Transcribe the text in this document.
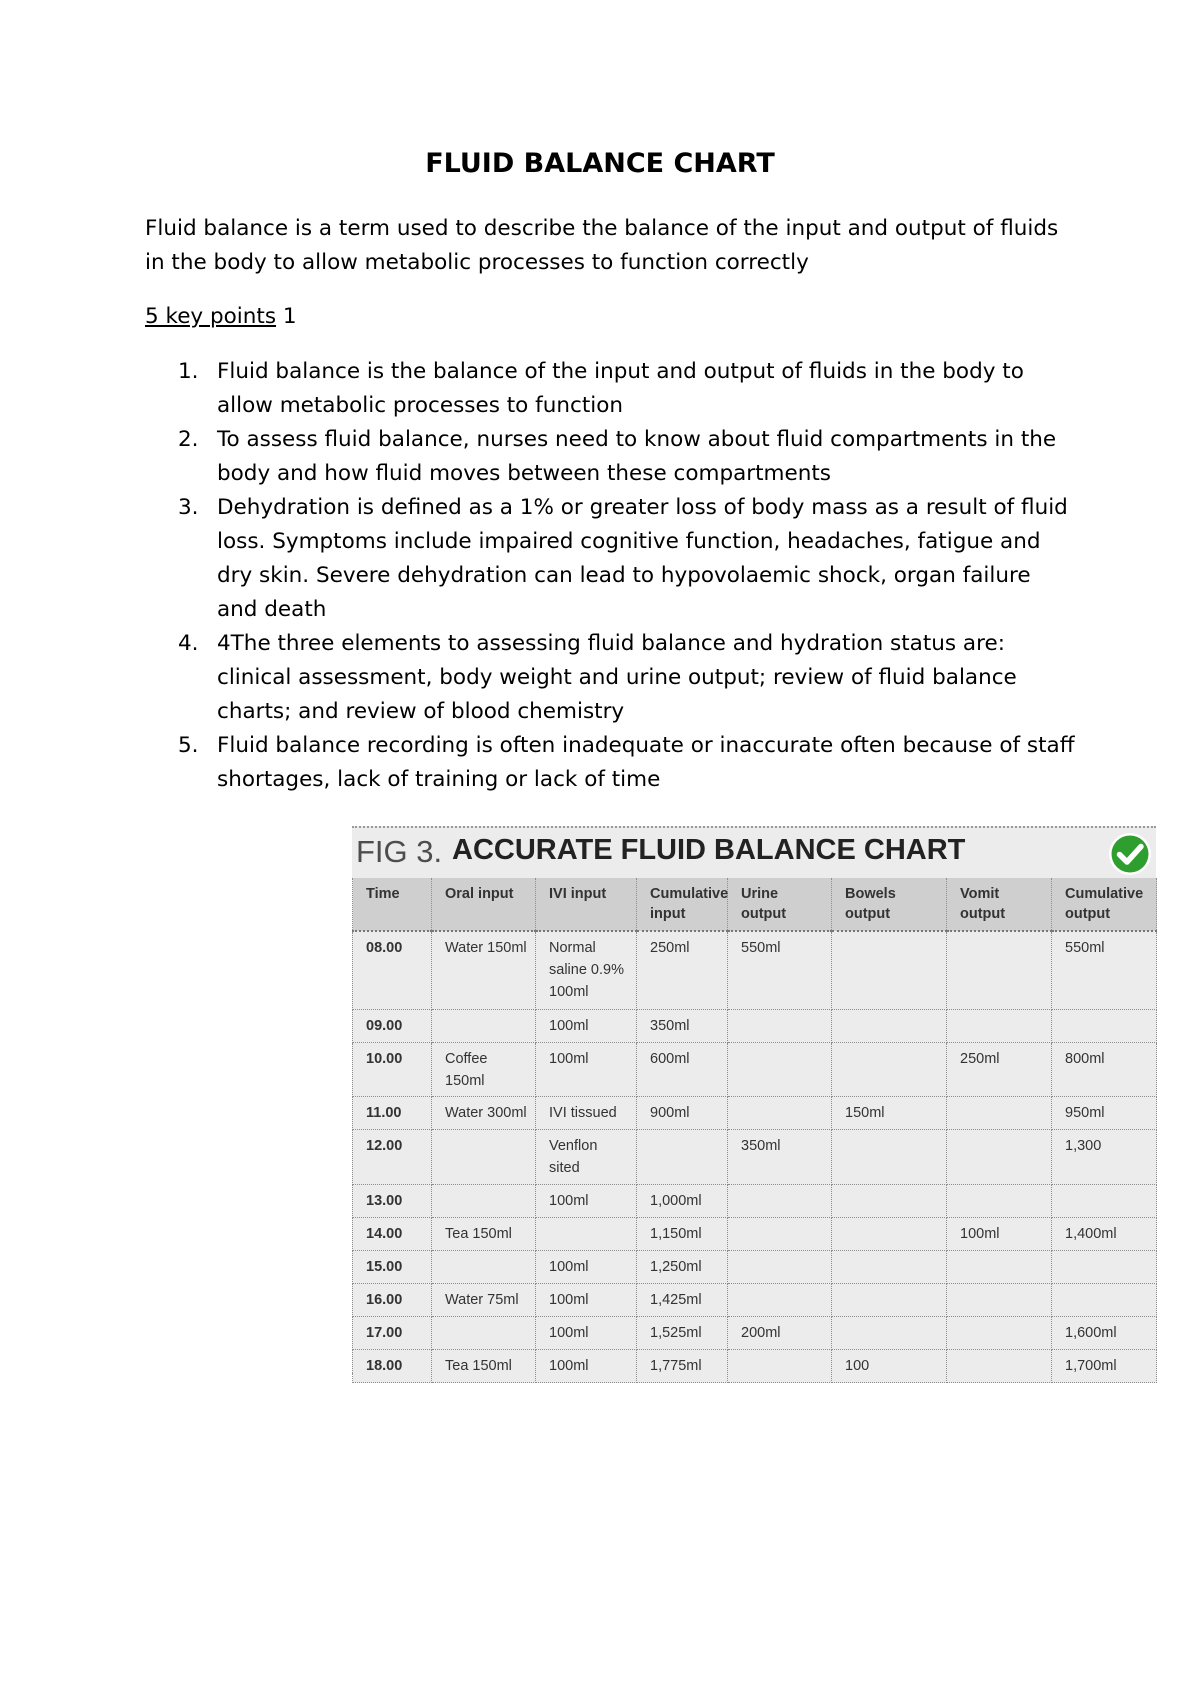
FLUID BALANCE CHART
Fluid balance is a term used to describe the balance of the input and output of fluids in the body to allow metabolic processes to function correctly
5 key points 1
1. Fluid balance is the balance of the input and output of fluids in the body to allow metabolic processes to function
2. To assess fluid balance, nurses need to know about fluid compartments in the body and how fluid moves between these compartments
3. Dehydration is defined as a 1% or greater loss of body mass as a result of fluid loss. Symptoms include impaired cognitive function, headaches, fatigue and dry skin. Severe dehydration can lead to hypovolaemic shock, organ failure and death
4. 4The three elements to assessing fluid balance and hydration status are: clinical assessment, body weight and urine output; review of fluid balance charts; and review of blood chemistry
5. Fluid balance recording is often inadequate or inaccurate often because of staff shortages, lack of training or lack of time
FIG 3. ACCURATE FLUID BALANCE CHART
Time	Oral input	IVI input	Cumulative input	Urine output	Bowels output	Vomit output	Cumulative output
08.00	Water 150ml	Normal saline 0.9% 100ml	250ml	550ml			550ml
09.00		100ml	350ml				
10.00	Coffee 150ml	100ml	600ml			250ml	800ml
11.00	Water 300ml	IVI tissued	900ml		150ml		950ml
12.00		Venflon sited		350ml			1,300
13.00		100ml	1,000ml				
14.00	Tea 150ml		1,150ml			100ml	1,400ml
15.00		100ml	1,250ml				
16.00	Water 75ml	100ml	1,425ml				
17.00		100ml	1,525ml	200ml			1,600ml
18.00	Tea 150ml	100ml	1,775ml		100		1,700ml
